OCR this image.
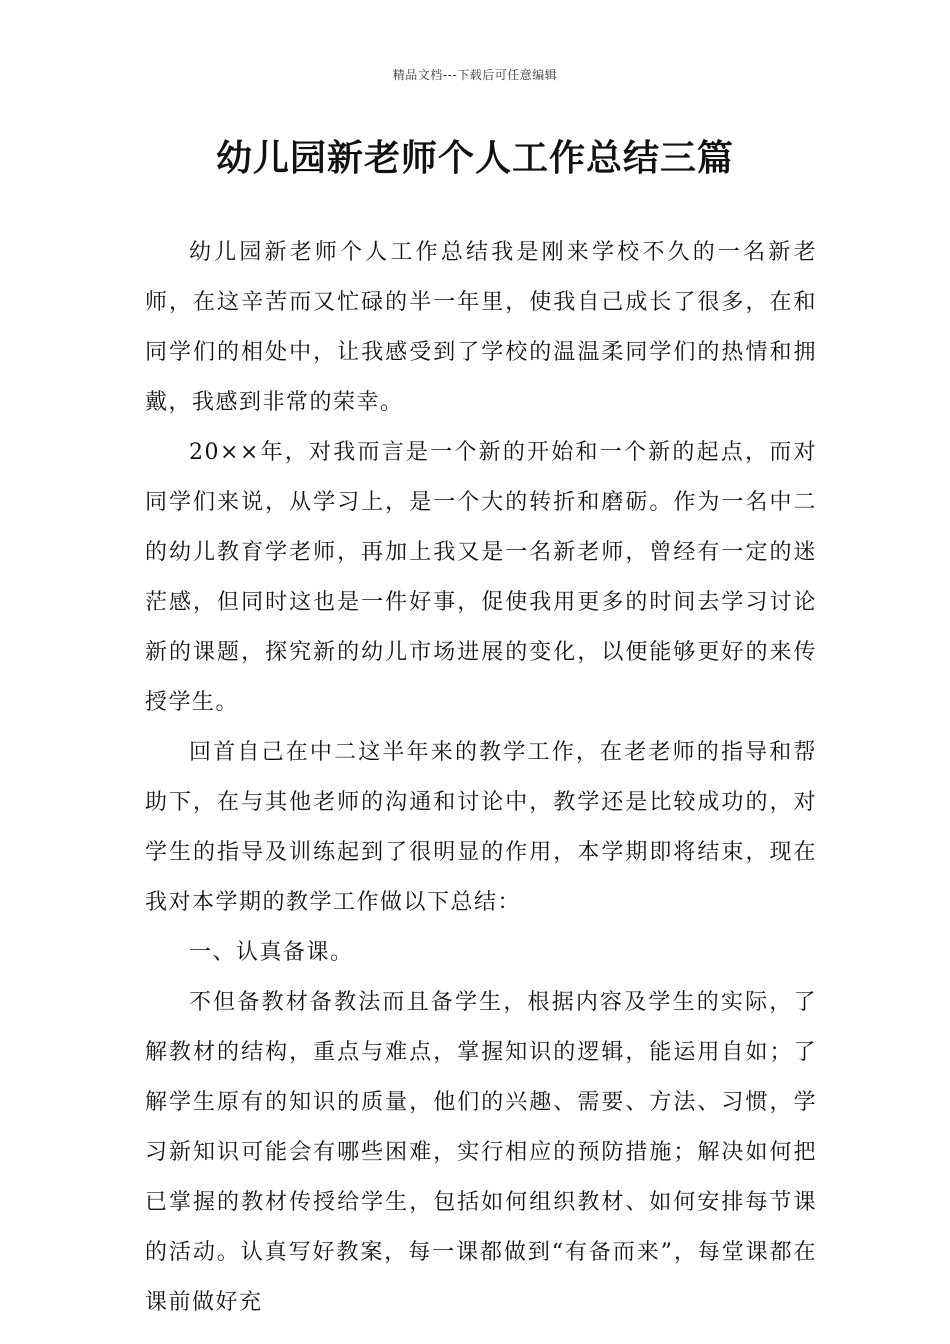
精品文档---下载后可任意编辑
幼儿园新老师个人工作总结三篇

幼儿园新老师个人工作总结我是刚来学校不久的一名新老师，在这辛苦而又忙碌的半一年里，使我自己成长了很多，在和同学们的相处中，让我感受到了学校的温温柔同学们的热情和拥戴，我感到非常的荣幸。

20××年，对我而言是一个新的开始和一个新的起点，而对同学们来说，从学习上，是一个大的转折和磨砺。作为一名中二的幼儿教育学老师，再加上我又是一名新老师，曾经有一定的迷茫感，但同时这也是一件好事，促使我用更多的时间去学习讨论新的课题，探究新的幼儿市场进展的变化，以便能够更好的来传授学生。

回首自己在中二这半年来的教学工作，在老老师的指导和帮助下，在与其他老师的沟通和讨论中，教学还是比较成功的，对学生的指导及训练起到了很明显的作用，本学期即将结束，现在我对本学期的教学工作做以下总结：

一、认真备课。

不但备教材备教法而且备学生，根据内容及学生的实际，了解教材的结构，重点与难点，掌握知识的逻辑，能运用自如；了解学生原有的知识的质量，他们的兴趣、需要、方法、习惯，学习新知识可能会有哪些困难，实行相应的预防措施；解决如何把已掌握的教材传授给学生，包括如何组织教材、如何安排每节课的活动。认真写好教案，每一课都做到“有备而来”，每堂课都在课前做好充
